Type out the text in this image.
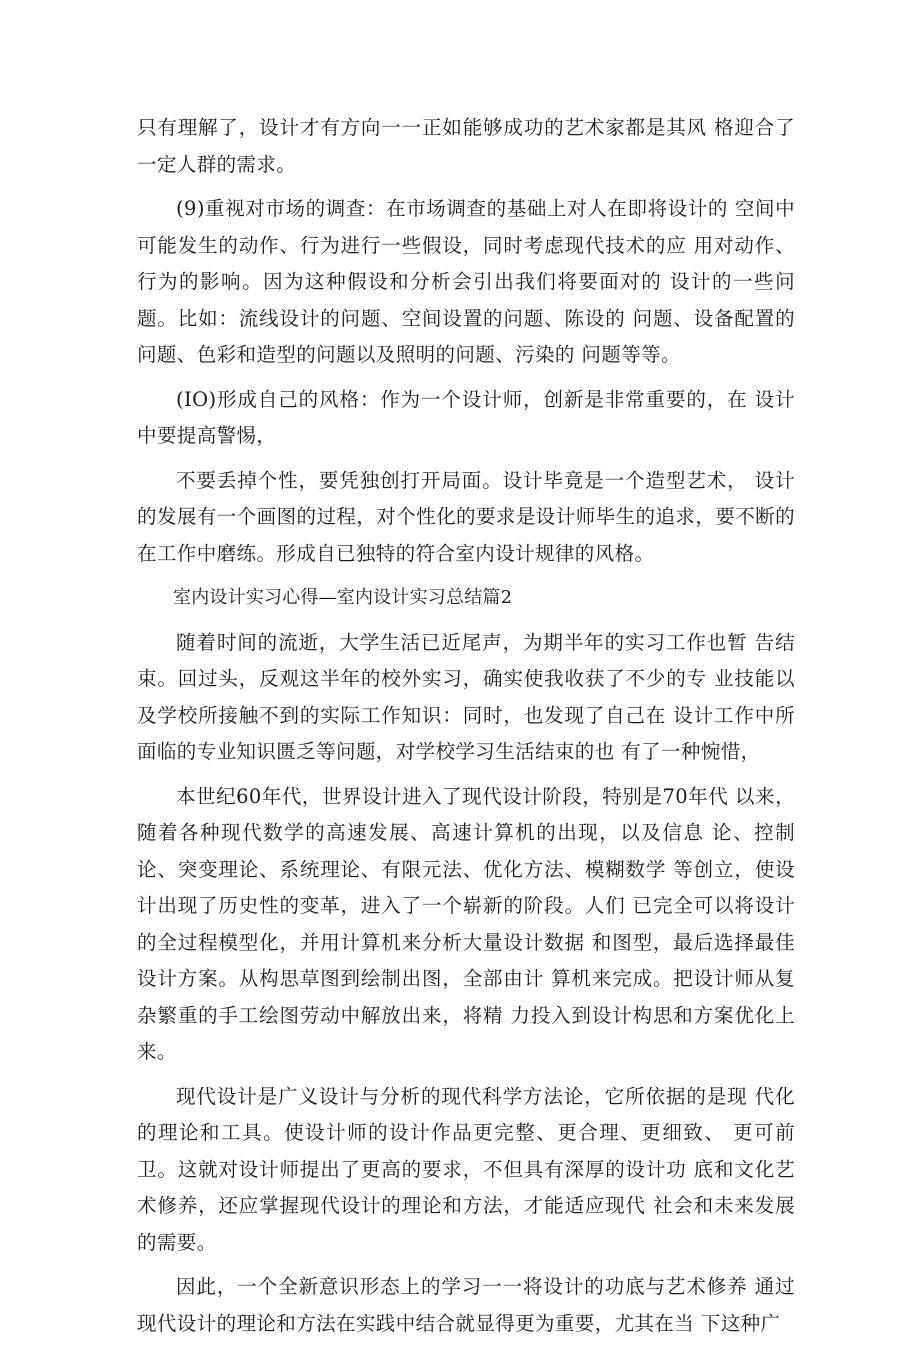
只有理解了，设计才有方向一一正如能够成功的艺术家都是其风 格迎合了一定人群的需求。

(9)重视对市场的调查：在市场调查的基础上对人在即将设计的 空间中可能发生的动作、行为进行一些假设，同时考虑现代技术的应 用对动作、行为的影响。因为这种假设和分析会引出我们将要面对的 设计的一些问题。比如：流线设计的问题、空间设置的问题、陈设的 问题、设备配置的问题、色彩和造型的问题以及照明的问题、污染的 问题等等。

(IO)形成自己的风格：作为一个设计师，创新是非常重要的，在 设计中要提高警惕，

不要丢掉个性，要凭独创打开局面。设计毕竟是一个造型艺术， 设计的发展有一个画图的过程，对个性化的要求是设计师毕生的追求，要不断的在工作中磨练。形成自已独特的符合室内设计规律的风格。

室内设计实习心得—室内设计实习总结篇2

随着时间的流逝，大学生活已近尾声，为期半年的实习工作也暂 告结束。回过头，反观这半年的校外实习，确实使我收获了不少的专 业技能以及学校所接触不到的实际工作知识：同时，也发现了自己在 设计工作中所面临的专业知识匮乏等问题，对学校学习生活结束的也 有了一种惋惜，

本世纪60年代，世界设计进入了现代设计阶段，特别是70年代 以来，随着各种现代数学的高速发展、高速计算机的出现，以及信息 论、控制论、突变理论、系统理论、有限元法、优化方法、模糊数学 等创立，使设计出现了历史性的变革，进入了一个崭新的阶段。人们 已完全可以将设计的全过程模型化，并用计算机来分析大量设计数据 和图型，最后选择最佳设计方案。从构思草图到绘制出图，全部由计 算机来完成。把设计师从复杂繁重的手工绘图劳动中解放出来，将精 力投入到设计构思和方案优化上来。

现代设计是广义设计与分析的现代科学方法论，它所依据的是现 代化的理论和工具。使设计师的设计作品更完整、更合理、更细致、 更可前卫。这就对设计师提出了更高的要求，不但具有深厚的设计功 底和文化艺术修养，还应掌握现代设计的理论和方法，才能适应现代 社会和未来发展的需要。

因此，一个全新意识形态上的学习一一将设计的功底与艺术修养 通过现代设计的理论和方法在实践中结合就显得更为重要，尤其在当 下这种广
